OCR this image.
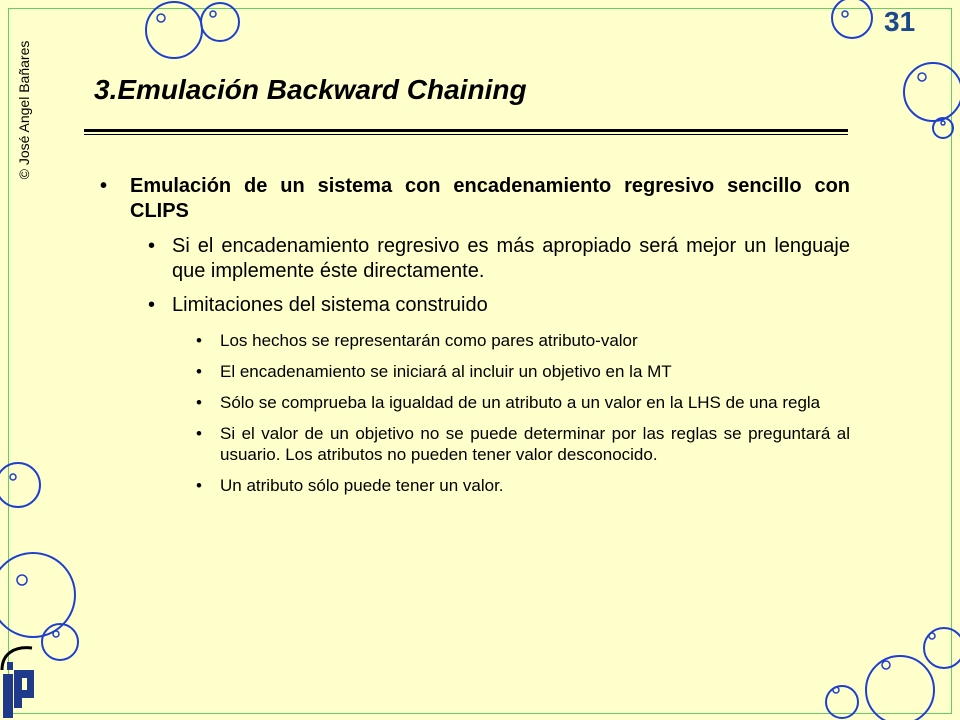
© José Angel Bañares
31
3.Emulación Backward Chaining
• Emulación de un sistema con encadenamiento regresivo sencillo con CLIPS
• Si el encadenamiento regresivo es más apropiado será mejor un lenguaje que implemente éste directamente.
• Limitaciones del sistema construido
• Los hechos se representarán como pares atributo-valor
• El encadenamiento se iniciará al incluir un objetivo en la MT
• Sólo se comprueba la igualdad de un atributo a un valor en la LHS de una regla
• Si el valor de un objetivo no se puede determinar por las reglas se preguntará al usuario. Los atributos no pueden tener valor desconocido.
• Un atributo sólo puede tener un valor.
